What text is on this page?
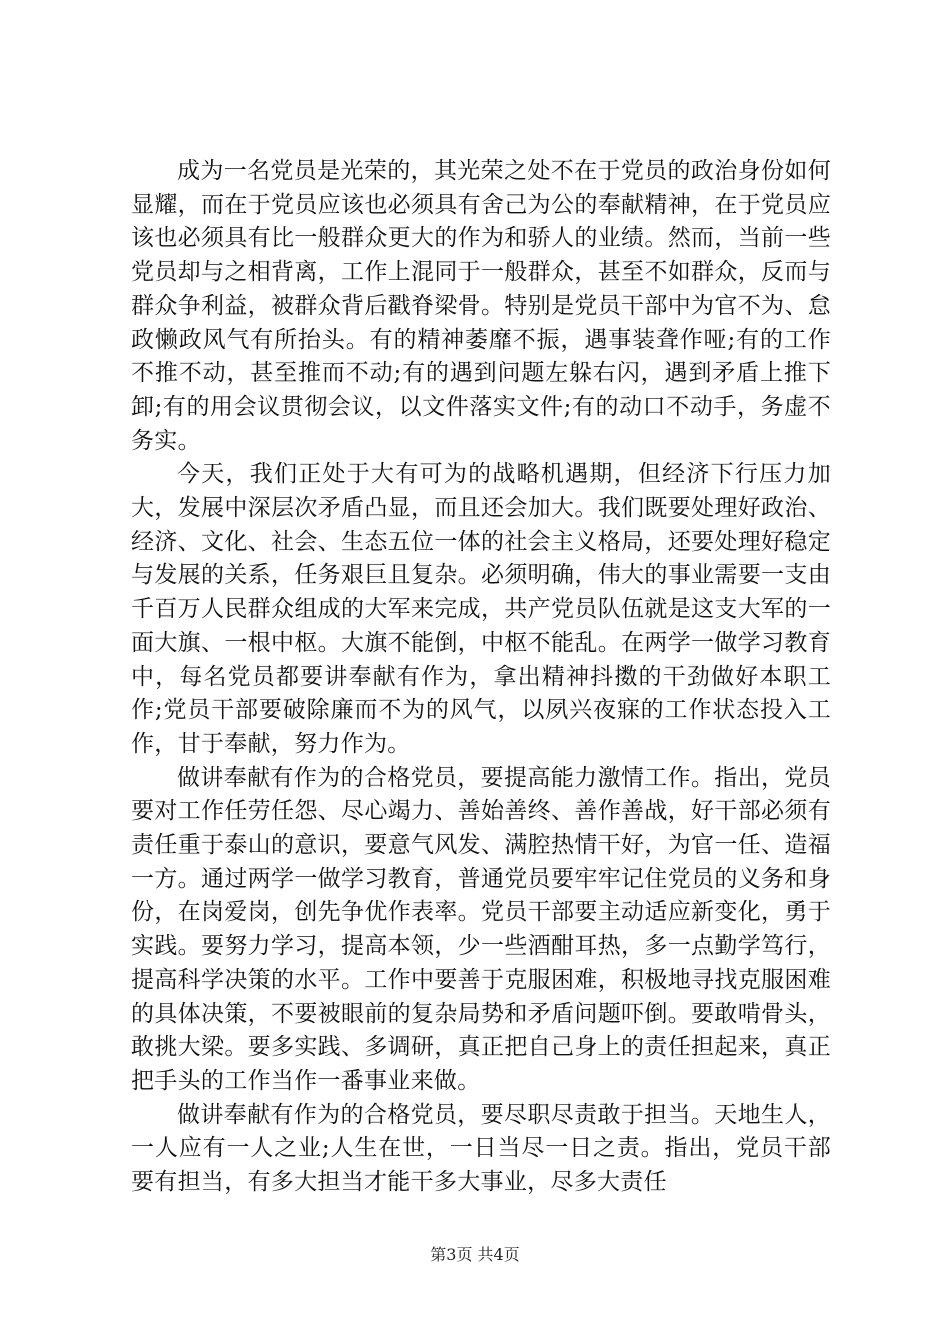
成为一名党员是光荣的，其光荣之处不在于党员的政治身份如何显耀，而在于党员应该也必须具有舍己为公的奉献精神，在于党员应该也必须具有比一般群众更大的作为和骄人的业绩。然而，当前一些党员却与之相背离，工作上混同于一般群众，甚至不如群众，反而与群众争利益，被群众背后戳脊梁骨。特别是党员干部中为官不为、怠政懒政风气有所抬头。有的精神萎靡不振，遇事装聋作哑;有的工作不推不动，甚至推而不动;有的遇到问题左躲右闪，遇到矛盾上推下卸;有的用会议贯彻会议，以文件落实文件;有的动口不动手，务虚不务实。

今天，我们正处于大有可为的战略机遇期，但经济下行压力加大，发展中深层次矛盾凸显，而且还会加大。我们既要处理好政治、经济、文化、社会、生态五位一体的社会主义格局，还要处理好稳定与发展的关系，任务艰巨且复杂。必须明确，伟大的事业需要一支由千百万人民群众组成的大军来完成，共产党员队伍就是这支大军的一面大旗、一根中枢。大旗不能倒，中枢不能乱。在两学一做学习教育中，每名党员都要讲奉献有作为，拿出精神抖擞的干劲做好本职工作;党员干部要破除廉而不为的风气，以夙兴夜寐的工作状态投入工作，甘于奉献，努力作为。

做讲奉献有作为的合格党员，要提高能力激情工作。指出，党员要对工作任劳任怨、尽心竭力、善始善终、善作善战，好干部必须有责任重于泰山的意识，要意气风发、满腔热情干好，为官一任、造福一方。通过两学一做学习教育，普通党员要牢牢记住党员的义务和身份，在岗爱岗，创先争优作表率。党员干部要主动适应新变化，勇于实践。要努力学习，提高本领，少一些酒酣耳热，多一点勤学笃行，提高科学决策的水平。工作中要善于克服困难，积极地寻找克服困难的具体决策，不要被眼前的复杂局势和矛盾问题吓倒。要敢啃骨头，敢挑大梁。要多实践、多调研，真正把自己身上的责任担起来，真正把手头的工作当作一番事业来做。

做讲奉献有作为的合格党员，要尽职尽责敢于担当。天地生人，一人应有一人之业;人生在世，一日当尽一日之责。指出，党员干部要有担当，有多大担当才能干多大事业，尽多大责任

第3页 共4页
